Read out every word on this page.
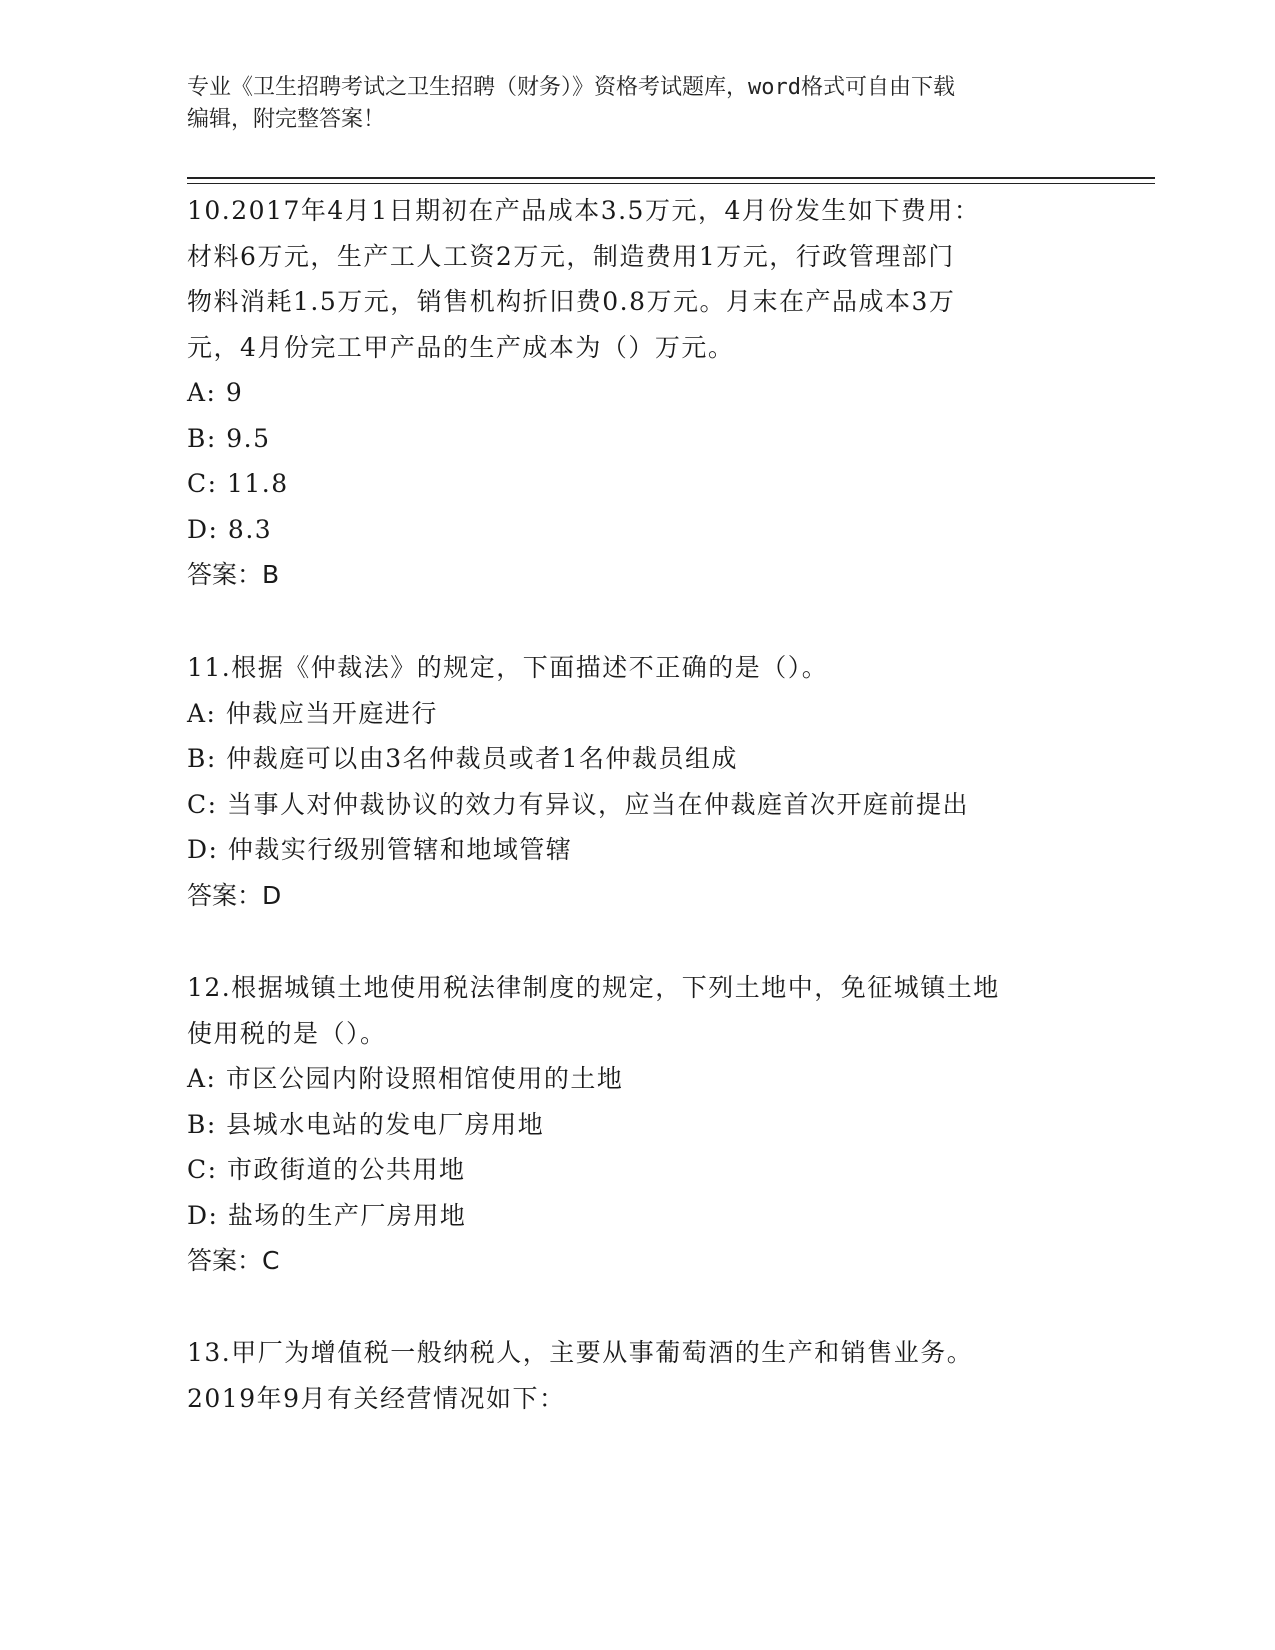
专业《卫生招聘考试之卫生招聘（财务）》资格考试题库，word格式可自由下载
编辑，附完整答案！
10.2017年4月1日期初在产品成本3.5万元，4月份发生如下费用：
材料6万元，生产工人工资2万元，制造费用1万元，行政管理部门
物料消耗1.5万元，销售机构折旧费0.8万元。月末在产品成本3万
元，4月份完工甲产品的生产成本为（）万元。
A: 9
B: 9.5
C: 11.8
D: 8.3
答案：B
11.根据《仲裁法》的规定，下面描述不正确的是（）。
A: 仲裁应当开庭进行
B: 仲裁庭可以由3名仲裁员或者1名仲裁员组成
C: 当事人对仲裁协议的效力有异议，应当在仲裁庭首次开庭前提出
D: 仲裁实行级别管辖和地域管辖
答案：D
12.根据城镇土地使用税法律制度的规定，下列土地中，免征城镇土地
使用税的是（）。
A: 市区公园内附设照相馆使用的土地
B: 县城水电站的发电厂房用地
C: 市政街道的公共用地
D: 盐场的生产厂房用地
答案：C
13.甲厂为增值税一般纳税人，主要从事葡萄酒的生产和销售业务。
2019年9月有关经营情况如下：
